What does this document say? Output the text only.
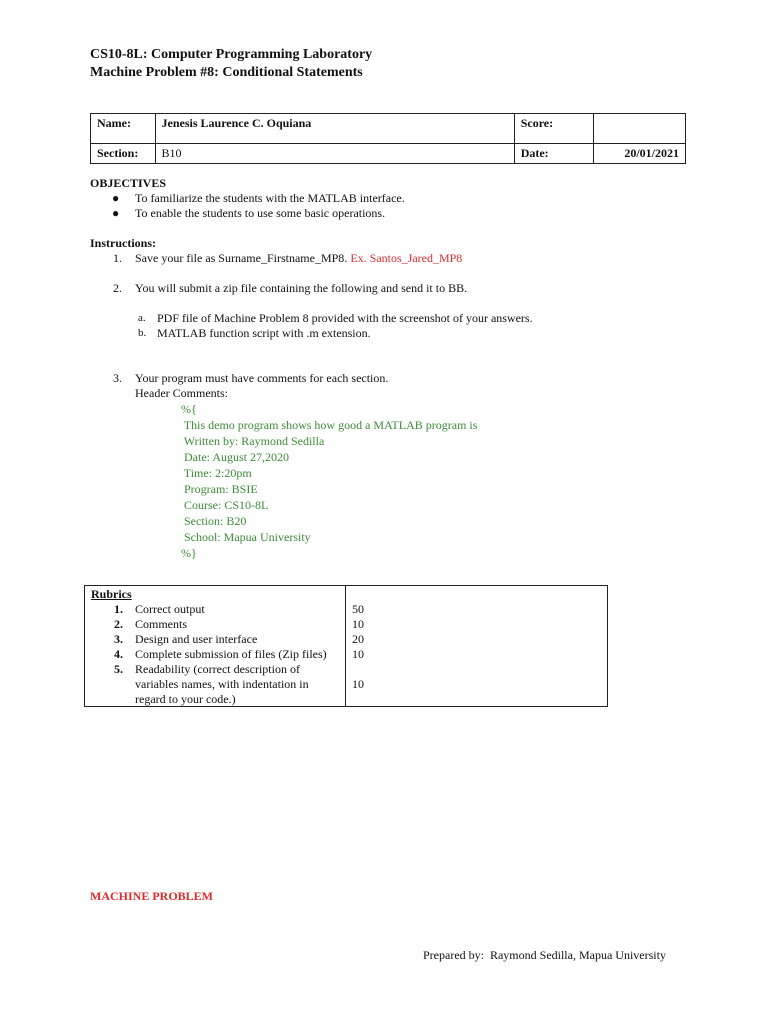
CS10-8L: Computer Programming Laboratory
Machine Problem #8: Conditional Statements
Name:	Jenesis Laurence C. Oquiana	Score:	
Section:	B10	Date:	20/01/2021
OBJECTIVES
● To familiarize the students with the MATLAB interface.
● To enable the students to use some basic operations.
Instructions:
1. Save your file as Surname_Firstname_MP8. Ex. Santos_Jared_MP8
2. You will submit a zip file containing the following and send it to BB.
a. PDF file of Machine Problem 8 provided with the screenshot of your answers.
b. MATLAB function script with .m extension.
3. Your program must have comments for each section.
Header Comments:
%{
This demo program shows how good a MATLAB program is
Written by: Raymond Sedilla
Date: August 27,2020
Time: 2:20pm
Program: BSIE
Course: CS10-8L
Section: B20
School: Mapua University
%}
Rubrics
1. Correct output	50
2. Comments	10
3. Design and user interface	20
4. Complete submission of files (Zip files)	10
5. Readability (correct description of
variables names, with indentation in	10
regard to your code.)
MACHINE PROBLEM
Prepared by:  Raymond Sedilla, Mapua University
